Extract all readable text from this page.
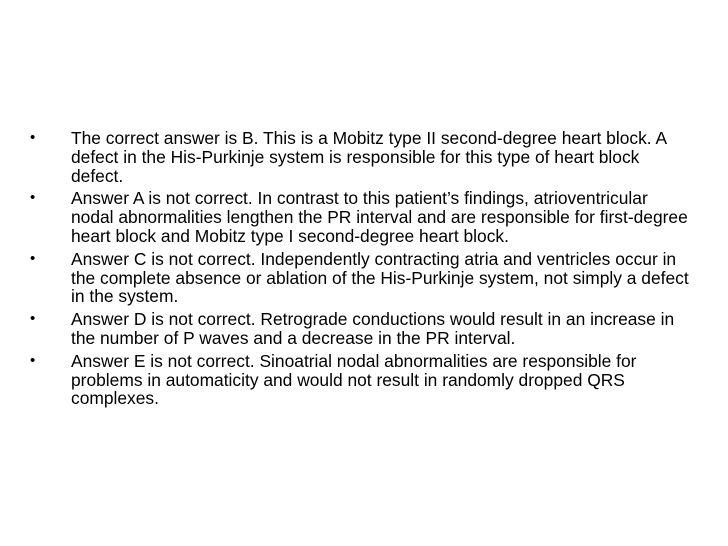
• The correct answer is B. This is a Mobitz type II second-degree heart block. A defect in the His-Purkinje system is responsible for this type of heart block defect.
• Answer A is not correct. In contrast to this patient’s findings, atrioventricular nodal abnormalities lengthen the PR interval and are responsible for first-degree heart block and Mobitz type I second-degree heart block.
• Answer C is not correct. Independently contracting atria and ventricles occur in the complete absence or ablation of the His-Purkinje system, not simply a defect in the system.
• Answer D is not correct. Retrograde conductions would result in an increase in the number of P waves and a decrease in the PR interval.
• Answer E is not correct. Sinoatrial nodal abnormalities are responsible for problems in automaticity and would not result in randomly dropped QRS complexes.
